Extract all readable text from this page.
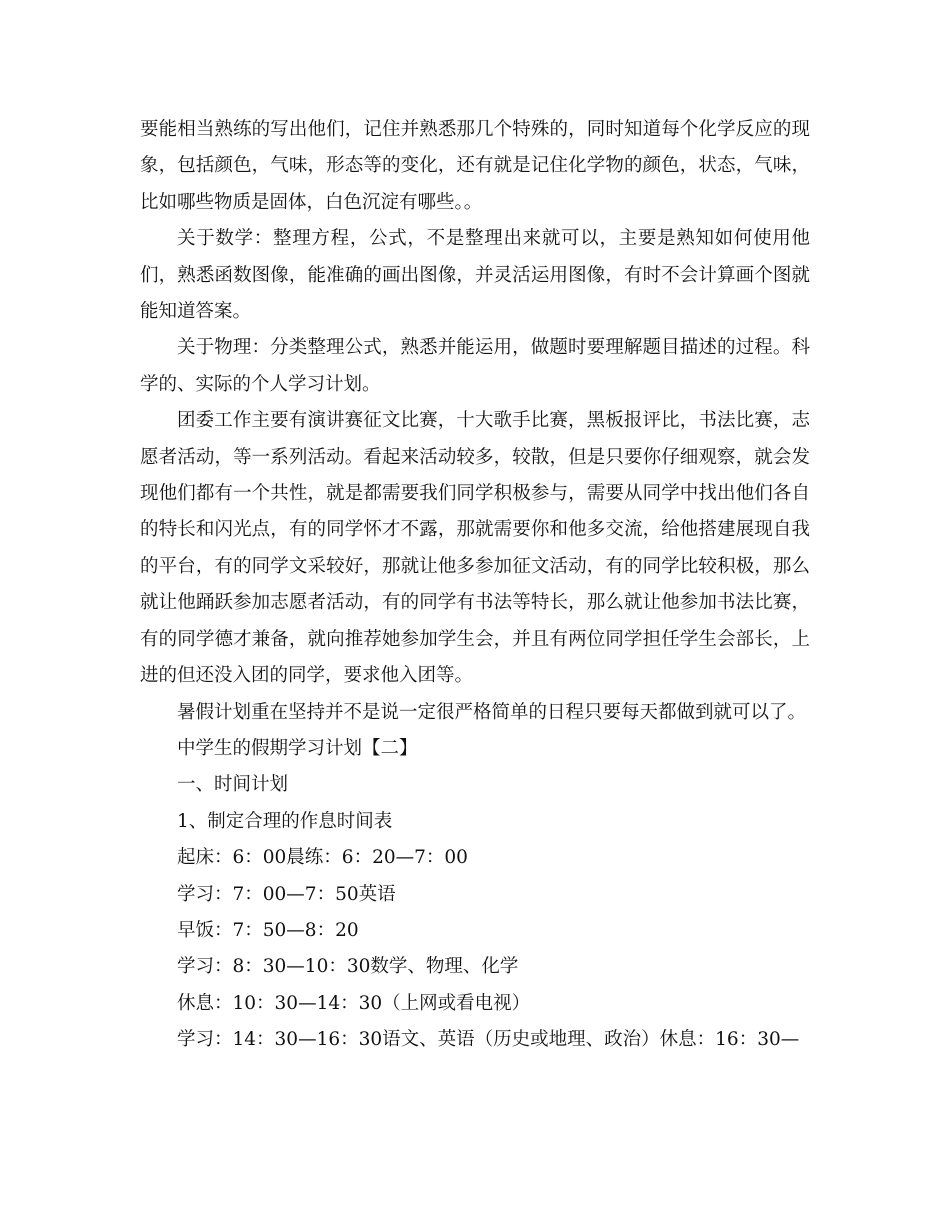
要能相当熟练的写出他们，记住并熟悉那几个特殊的，同时知道每个化学反应的现象，包括颜色，气味，形态等的变化，还有就是记住化学物的颜色，状态，气味，比如哪些物质是固体，白色沉淀有哪些。。

关于数学：整理方程，公式，不是整理出来就可以，主要是熟知如何使用他们，熟悉函数图像，能准确的画出图像，并灵活运用图像，有时不会计算画个图就能知道答案。

关于物理：分类整理公式，熟悉并能运用，做题时要理解题目描述的过程。科学的、实际的个人学习计划。

团委工作主要有演讲赛征文比赛，十大歌手比赛，黑板报评比，书法比赛，志愿者活动，等一系列活动。看起来活动较多，较散，但是只要你仔细观察，就会发现他们都有一个共性，就是都需要我们同学积极参与，需要从同学中找出他们各自的特长和闪光点，有的同学怀才不露，那就需要你和他多交流，给他搭建展现自我的平台，有的同学文采较好，那就让他多参加征文活动，有的同学比较积极，那么就让他踊跃参加志愿者活动，有的同学有书法等特长，那么就让他参加书法比赛，有的同学德才兼备，就向推荐她参加学生会，并且有两位同学担任学生会部长，上进的但还没入团的同学，要求他入团等。

暑假计划重在坚持并不是说一定很严格简单的日程只要每天都做到就可以了。

中学生的假期学习计划【二】

一、时间计划

1、制定合理的作息时间表

起床：6：00晨练：6：20—7：00

学习：7：00—7：50英语

早饭：7：50—8：20

学习：8：30—10：30数学、物理、化学

休息：10：30—14：30（上网或看电视）

学习：14：30—16：30语文、英语（历史或地理、政治）休息：16：30—
